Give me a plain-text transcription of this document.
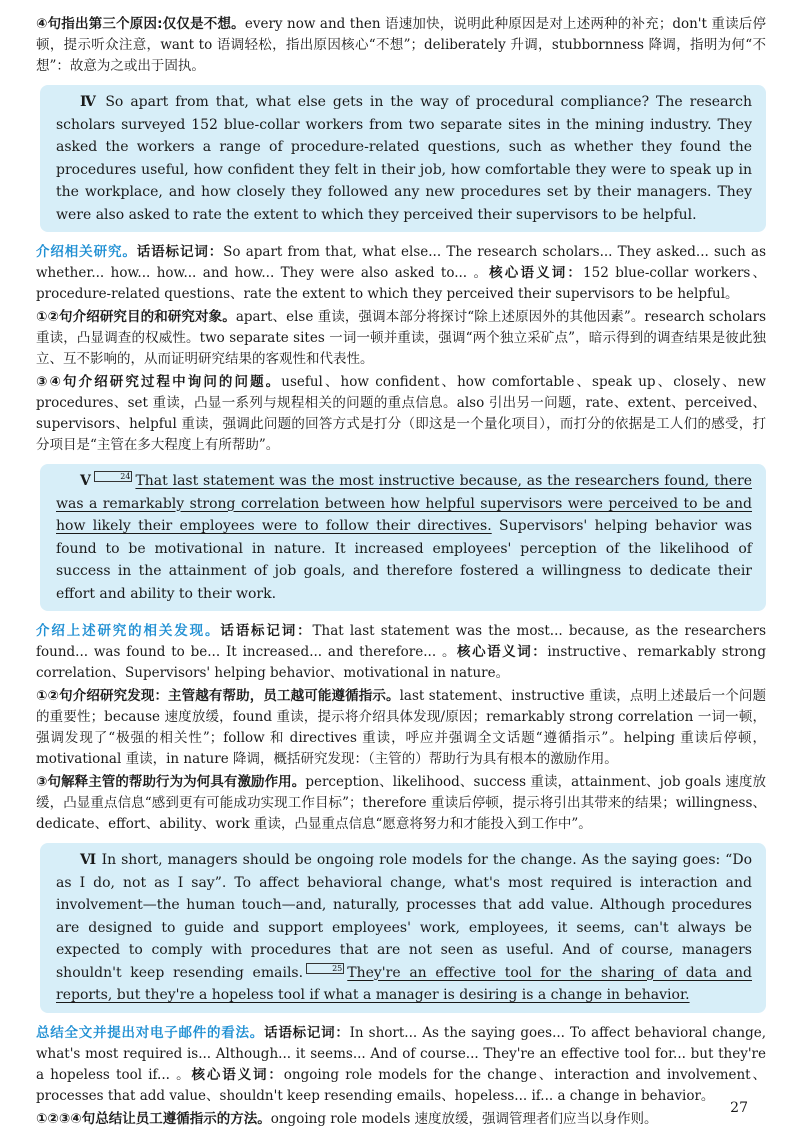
④句指出第三个原因:仅仅是不想。every now and then 语速加快，说明此种原因是对上述两种的补充；don't 重读后停顿，提示听众注意，want to 语调轻松，指出原因核心“不想”；deliberately 升调，stubbornness 降调，指明为何“不想”：故意为之或出于固执。

Ⅳ So apart from that, what else gets in the way of procedural compliance? The research scholars surveyed 152 blue-collar workers from two separate sites in the mining industry. They asked the workers a range of procedure-related questions, such as whether they found the procedures useful, how confident they felt in their job, how comfortable they were to speak up in the workplace, and how closely they followed any new procedures set by their managers. They were also asked to rate the extent to which they perceived their supervisors to be helpful.

介绍相关研究。话语标记词：So apart from that, what else... The research scholars... They asked... such as whether... how... how... and how... They were also asked to... 。核心语义词：152 blue-collar workers、procedure-related questions、rate the extent to which they perceived their supervisors to be helpful。

①②句介绍研究目的和研究对象。apart、else 重读，强调本部分将探讨“除上述原因外的其他因素”。research scholars 重读，凸显调查的权威性。two separate sites 一词一顿并重读，强调“两个独立采矿点”，暗示得到的调查结果是彼此独立、互不影响的，从而证明研究结果的客观性和代表性。

③④句介绍研究过程中询问的问题。useful、how confident、how comfortable、speak up、closely、new procedures、set 重读，凸显一系列与规程相关的问题的重点信息。also 引出另一问题，rate、extent、perceived、supervisors、helpful 重读，强调此问题的回答方式是打分（即这是一个量化项目），而打分的依据是工人们的感受，打分项目是“主管在多大程度上有所帮助”。

Ⅴ	24 That last statement was the most instructive because, as the researchers found, there was a remarkably strong correlation between how helpful supervisors were perceived to be and how likely their employees were to follow their directives. Supervisors' helping behavior was found to be motivational in nature. It increased employees' perception of the likelihood of success in the attainment of job goals, and therefore fostered a willingness to dedicate their effort and ability to their work.

介绍上述研究的相关发现。话语标记词：That last statement was the most... because, as the researchers found... was found to be... It increased... and therefore... 。核心语义词：instructive、remarkably strong correlation、Supervisors' helping behavior、motivational in nature。

①②句介绍研究发现：主管越有帮助，员工越可能遵循指示。last statement、instructive 重读，点明上述最后一个问题的重要性；because 速度放缓，found 重读，提示将介绍具体发现/原因；remarkably strong correlation 一词一顿，强调发现了“极强的相关性”；follow 和 directives 重读，呼应并强调全文话题“遵循指示”。helping 重读后停顿，motivational 重读，in nature 降调，概括研究发现：（主管的）帮助行为具有根本的激励作用。

③句解释主管的帮助行为为何具有激励作用。perception、likelihood、success 重读，attainment、job goals 速度放缓，凸显重点信息“感到更有可能成功实现工作目标”；therefore 重读后停顿，提示将引出其带来的结果；willingness、dedicate、effort、ability、work 重读，凸显重点信息“愿意将努力和才能投入到工作中”。

Ⅵ In short, managers should be ongoing role models for the change. As the saying goes: “Do as I do, not as I say”. To affect behavioral change, what's most required is interaction and involvement—the human touch—and, naturally, processes that add value. Although procedures are designed to guide and support employees' work, employees, it seems, can't always be expected to comply with procedures that are not seen as useful. And of course, managers shouldn't keep resending emails.	25 They're an effective tool for the sharing of data and reports, but they're a hopeless tool if what a manager is desiring is a change in behavior.

总结全文并提出对电子邮件的看法。话语标记词：In short... As the saying goes... To affect behavioral change, what's most required is... Although... it seems... And of course... They're an effective tool for... but they're a hopeless tool if... 。核心语义词：ongoing role models for the change、interaction and involvement、processes that add value、shouldn't keep resending emails、hopeless... if... a change in behavior。

①②③④句总结让员工遵循指示的方法。ongoing role models 速度放缓，强调管理者们应当以身作则。

27
